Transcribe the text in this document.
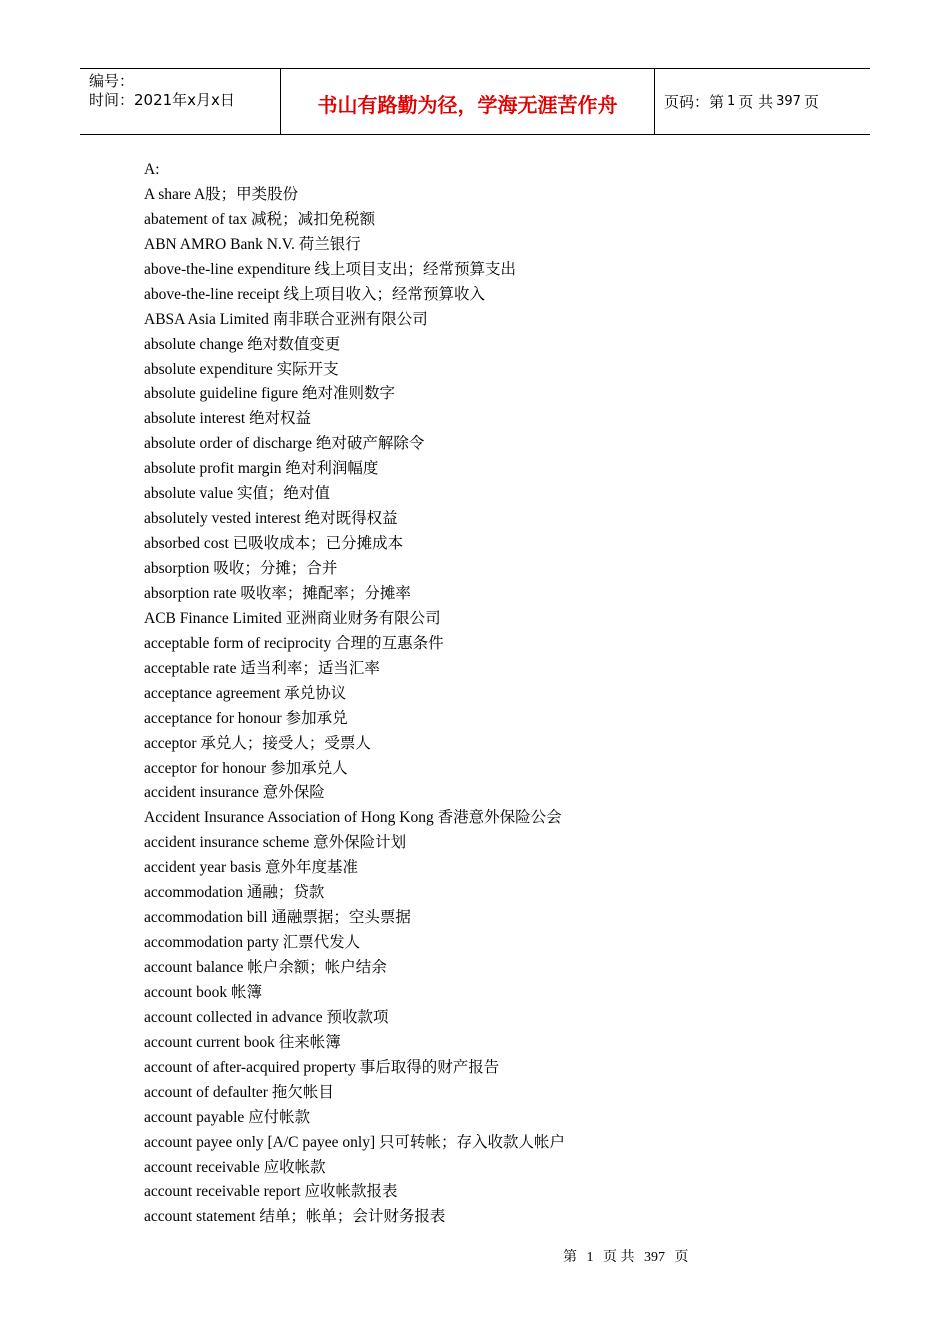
编号：
时间：2021年x月x日	书山有路勤为径，学海无涯苦作舟	页码：第 1 页 共 397 页
A:
A share A股；甲类股份
abatement of tax 减税；减扣免税额
ABN AMRO Bank N.V. 荷兰银行
above-the-line expenditure 线上项目支出；经常预算支出
above-the-line receipt 线上项目收入；经常预算收入
ABSA Asia Limited 南非联合亚洲有限公司
absolute change 绝对数值变更
absolute expenditure 实际开支
absolute guideline figure 绝对准则数字
absolute interest 绝对权益
absolute order of discharge 绝对破产解除令
absolute profit margin 绝对利润幅度
absolute value 实值；绝对值
absolutely vested interest 绝对既得权益
absorbed cost 已吸收成本；已分摊成本
absorption 吸收；分摊；合并
absorption rate 吸收率；摊配率；分摊率
ACB Finance Limited 亚洲商业财务有限公司
acceptable form of reciprocity 合理的互惠条件
acceptable rate 适当利率；适当汇率
acceptance agreement 承兑协议
acceptance for honour 参加承兑
acceptor 承兑人；接受人；受票人
acceptor for honour 参加承兑人
accident insurance 意外保险
Accident Insurance Association of Hong Kong 香港意外保险公会
accident insurance scheme 意外保险计划
accident year basis 意外年度基准
accommodation 通融；贷款
accommodation bill 通融票据；空头票据
accommodation party 汇票代发人
account balance 帐户余额；帐户结余
account book 帐簿
account collected in advance 预收款项
account current book 往来帐簿
account of after-acquired property 事后取得的财产报告
account of defaulter 拖欠帐目
account payable 应付帐款
account payee only [A/C payee only] 只可转帐；存入收款人帐户
account receivable 应收帐款
account receivable report 应收帐款报表
account statement 结单；帐单；会计财务报表
第 1 页 共 397 页
